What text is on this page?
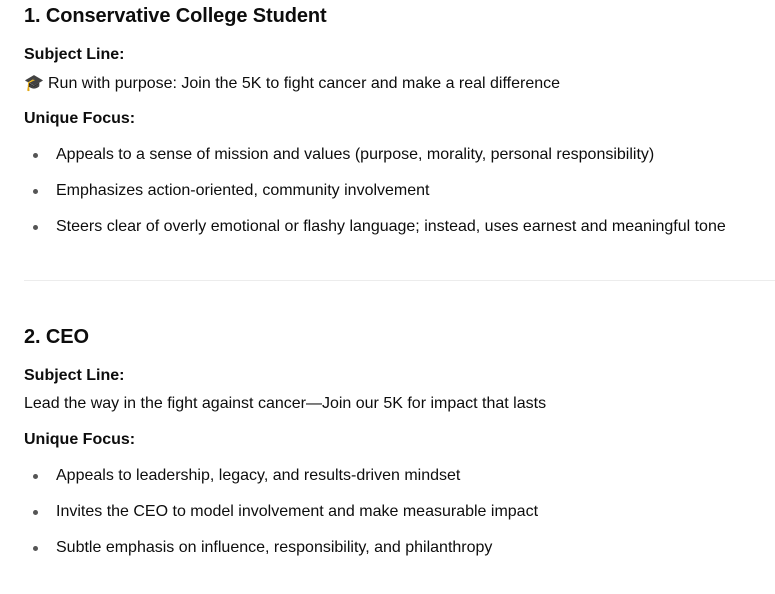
1. Conservative College Student
Subject Line:
🎓 Run with purpose: Join the 5K to fight cancer and make a real difference
Unique Focus:
Appeals to a sense of mission and values (purpose, morality, personal responsibility)
Emphasizes action-oriented, community involvement
Steers clear of overly emotional or flashy language; instead, uses earnest and meaningful tone
2. CEO
Subject Line:
Lead the way in the fight against cancer—Join our 5K for impact that lasts
Unique Focus:
Appeals to leadership, legacy, and results-driven mindset
Invites the CEO to model involvement and make measurable impact
Subtle emphasis on influence, responsibility, and philanthropy
